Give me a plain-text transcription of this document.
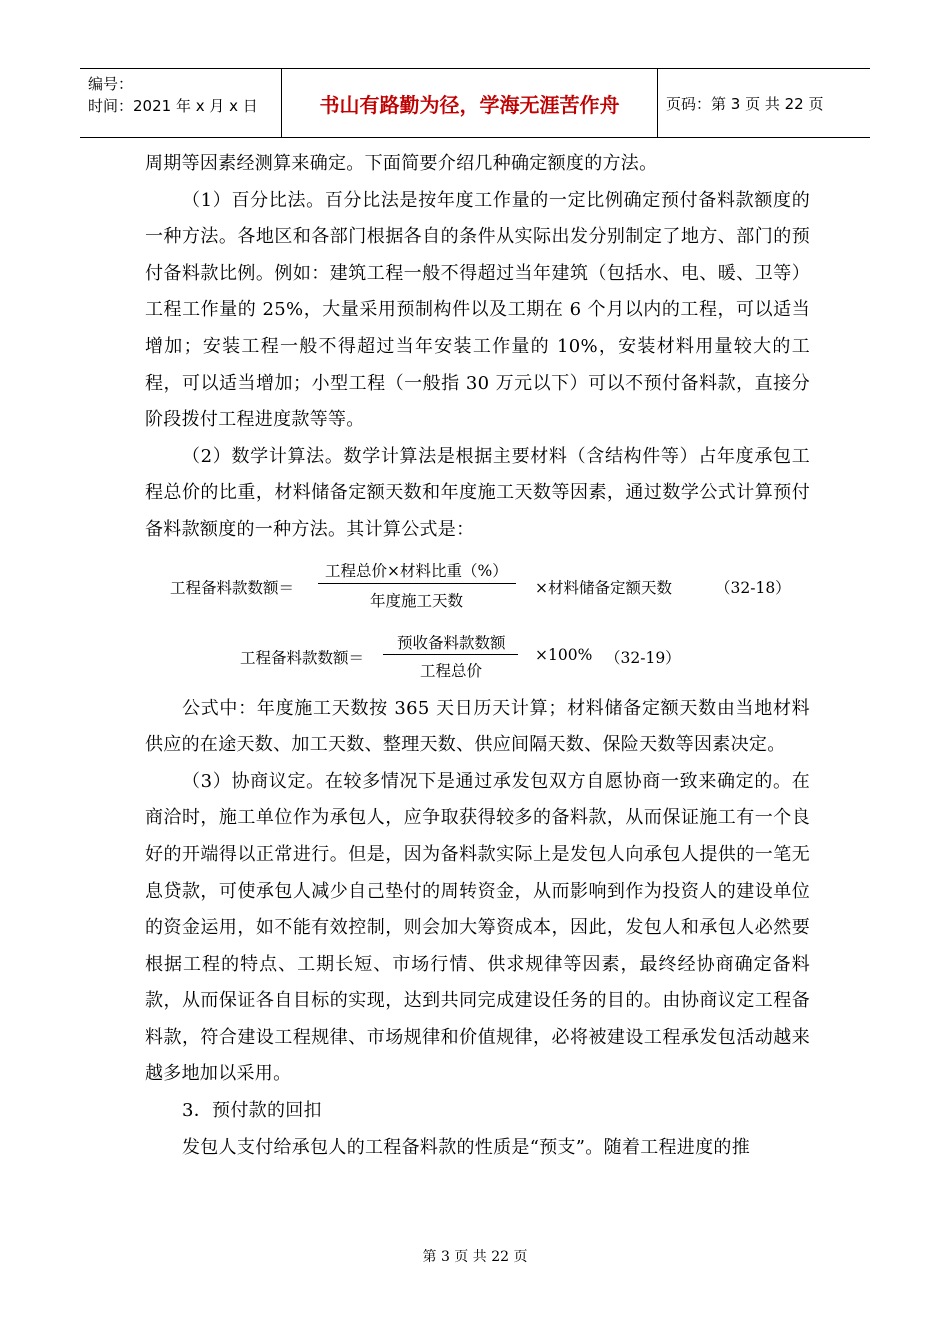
编号：
时间：2021 年 x 月 x 日	书山有路勤为径，学海无涯苦作舟	页码：第 3 页 共 22 页

周期等因素经测算来确定。下面简要介绍几种确定额度的方法。

（1）百分比法。百分比法是按年度工作量的一定比例确定预付备料款额度的一种方法。各地区和各部门根据各自的条件从实际出发分别制定了地方、部门的预付备料款比例。例如：建筑工程一般不得超过当年建筑（包括水、电、暖、卫等）工程工作量的 25%，大量采用预制构件以及工期在 6 个月以内的工程，可以适当增加；安装工程一般不得超过当年安装工作量的 10%，安装材料用量较大的工程，可以适当增加；小型工程（一般指 30 万元以下）可以不预付备料款，直接分阶段拨付工程进度款等等。

（2）数学计算法。数学计算法是根据主要材料（含结构件等）占年度承包工程总价的比重，材料储备定额天数和年度施工天数等因素，通过数学公式计算预付备料款额度的一种方法。其计算公式是：

工程备料款数额＝
工程总价×材料比重（%）
年度施工天数
×材料储备定额天数	（32-18）
工程备料款数额＝
预收备料款数额
工程总价
×100% （32-19）

公式中：年度施工天数按 365 天日历天计算；材料储备定额天数由当地材料供应的在途天数、加工天数、整理天数、供应间隔天数、保险天数等因素决定。

（3）协商议定。在较多情况下是通过承发包双方自愿协商一致来确定的。在商洽时，施工单位作为承包人，应争取获得较多的备料款，从而保证施工有一个良好的开端得以正常进行。但是，因为备料款实际上是发包人向承包人提供的一笔无息贷款，可使承包人减少自己垫付的周转资金，从而影响到作为投资人的建设单位的资金运用，如不能有效控制，则会加大筹资成本，因此，发包人和承包人必然要根据工程的特点、工期长短、市场行情、供求规律等因素，最终经协商确定备料款，从而保证各自目标的实现，达到共同完成建设任务的目的。由协商议定工程备料款，符合建设工程规律、市场规律和价值规律，必将被建设工程承发包活动越来越多地加以采用。

3．预付款的回扣

发包人支付给承包人的工程备料款的性质是“预支”。随着工程进度的推

第 3 页 共 22 页
